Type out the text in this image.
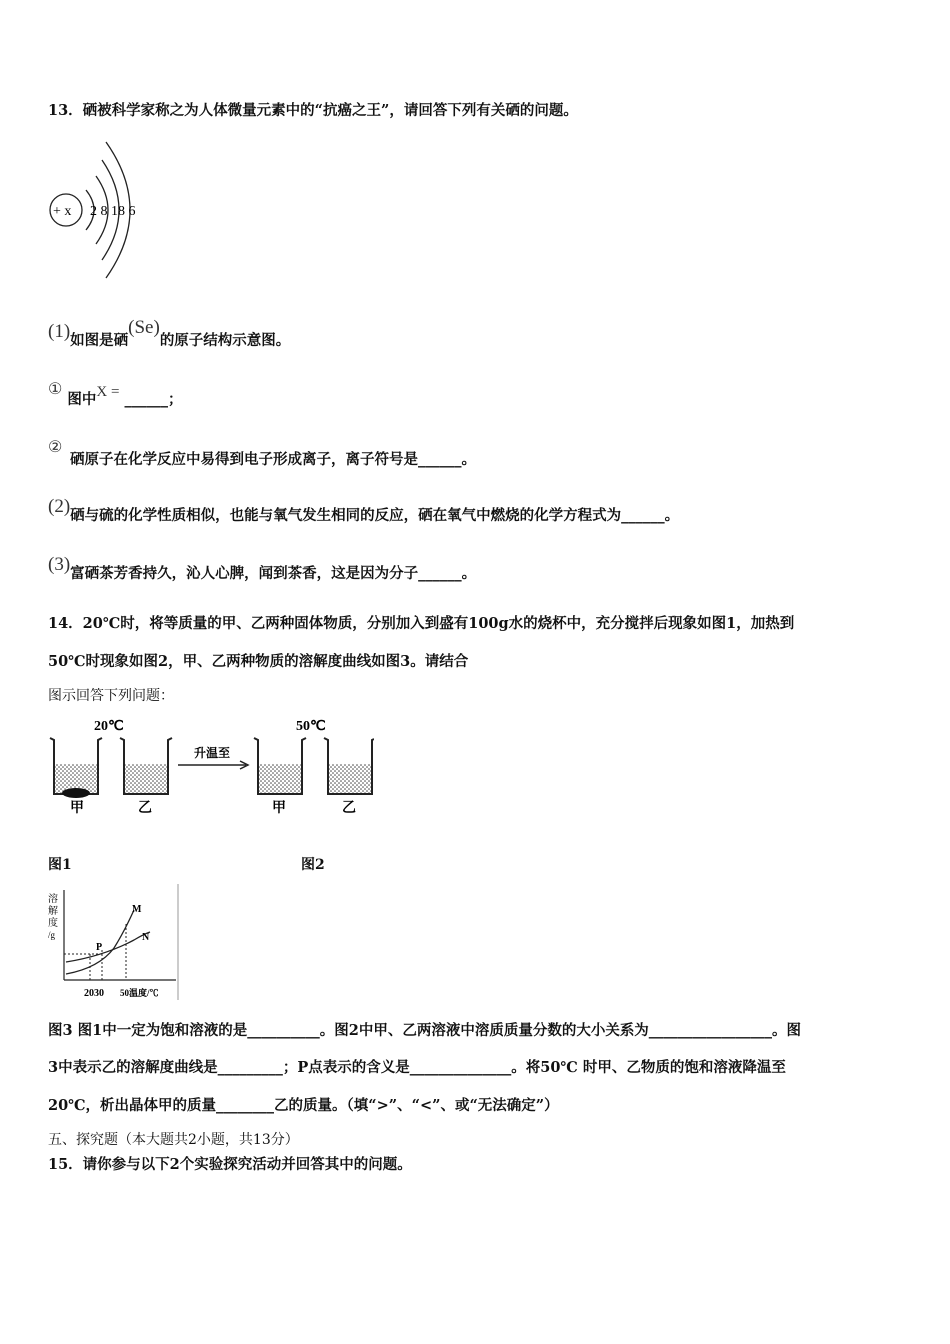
13．硒被科学家称之为人体微量元素中的“抗癌之王”，请回答下列有关硒的问题。
+ x 2 8 18 6
(1)如图是硒(Se)的原子结构示意图。
① 图中X = ______；
②
硒原子在化学反应中易得到电子形成离子，离子符号是______。
(2)硒与硫的化学性质相似，也能与氧气发生相同的反应，硒在氧气中燃烧的化学方程式为______。
(3)富硒茶芳香持久，沁人心脾，闻到茶香，这是因为分子______。
14．20℃时，将等质量的甲、乙两种固体物质，分别加入到盛有100g水的烧杯中，充分搅拌后现象如图1，加热到
50℃时现象如图2，甲、乙两种物质的溶解度曲线如图3。请结合
图示回答下列问题：
20℃	50℃
升温至
甲	乙	甲	乙
图1	图2
溶
解
度
/g
M
N
P
2030 50温度/℃
图3 图1中一定为饱和溶液的是__________。图2中甲、乙两溶液中溶质质量分数的大小关系为_________________。图
3中表示乙的溶解度曲线是_________；P点表示的含义是______________。将50℃ 时甲、乙物质的饱和溶液降温至
20℃，析出晶体甲的质量________乙的质量。（填“>”、“<”、或“无法确定”）
五、探究题（本大题共2小题，共13分）
15．请你参与以下2个实验探究活动并回答其中的问题。
